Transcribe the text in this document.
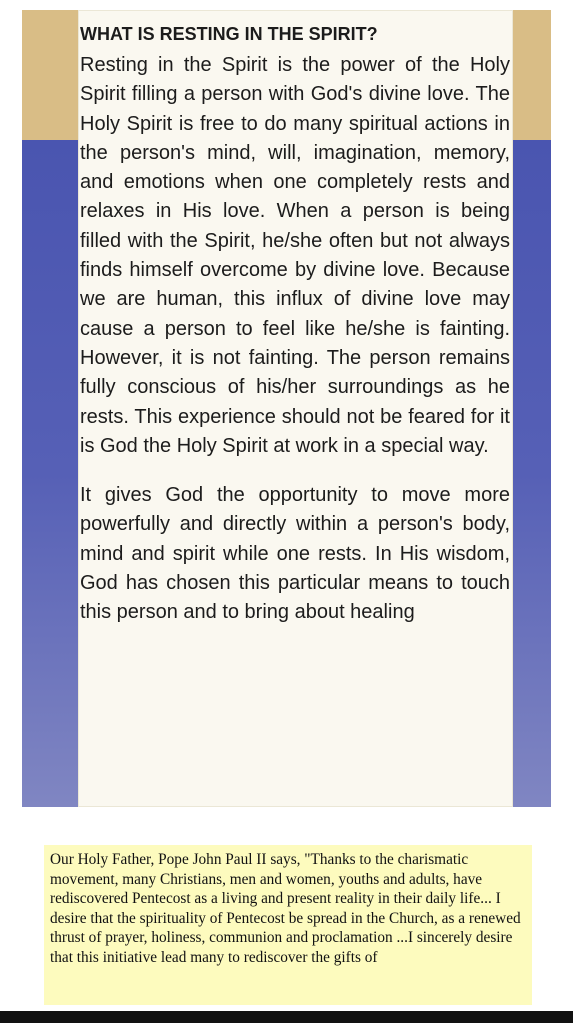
WHAT IS RESTING IN THE SPIRIT?

Resting in the Spirit is the power of the Holy Spirit filling a person with God's divine love. The Holy Spirit is free to do many spiritual actions in the person's mind, will, imagination, memory, and emotions when one completely rests and relaxes in His love. When a person is being filled with the Spirit, he/she often but not always finds himself overcome by divine love. Because we are human, this influx of divine love may cause a person to feel like he/she is fainting. However, it is not fainting. The person remains fully conscious of his/her surroundings as he rests. This experience should not be feared for it is God the Holy Spirit at work in a special way.

It gives God the opportunity to move more powerfully and directly within a person's body, mind and spirit while one rests. In His wisdom, God has chosen this particular means to touch this person and to bring about healing

Our Holy Father, Pope John Paul II says, "Thanks to the charismatic movement, many Christians, men and women, youths and adults, have rediscovered Pentecost as a living and present reality in their daily life... I desire that the spirituality of Pentecost be spread in the Church, as a renewed thrust of prayer, holiness, communion and proclamation ...I sincerely desire that this initiative lead many to rediscover the gifts of
